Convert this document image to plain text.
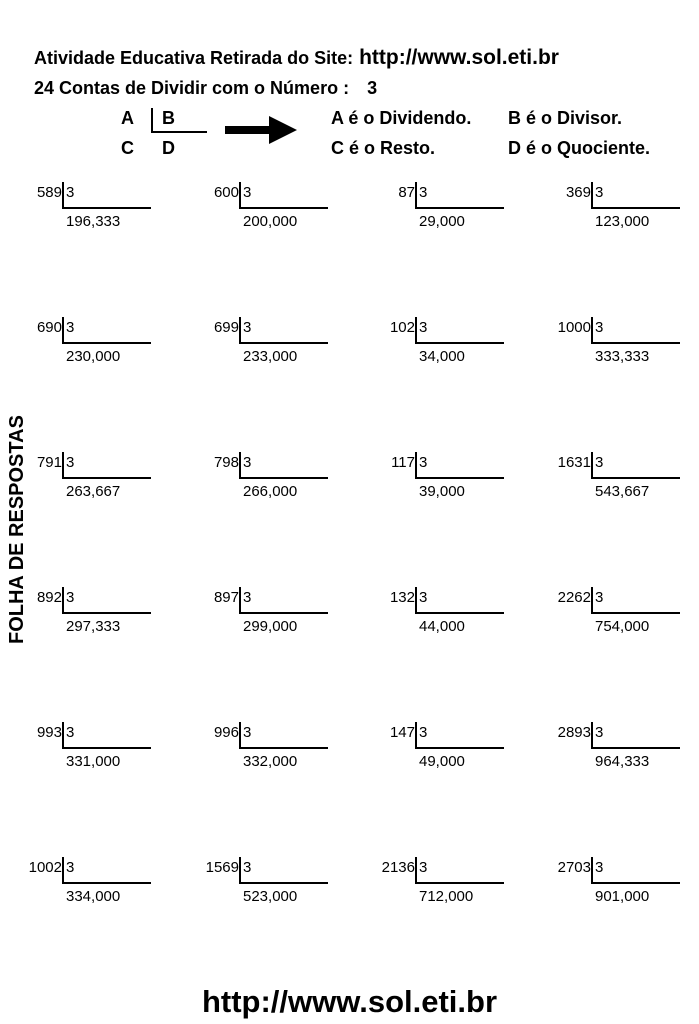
Atividade Educativa Retirada do Site: http://www.sol.eti.br
24 Contas de Dividir com o Número : 3
A B
C D
A é o Dividendo. B é o Divisor.
C é o Resto.	D é o Quociente.
FOLHA DE RESPOSTAS
589 3
196,333
600 3
200,000
87 3
29,000
369 3
123,000
690 3
230,000
699 3
233,000
102 3
34,000
1000 3
333,333
791 3
263,667
798 3
266,000
117 3
39,000
1631 3
543,667
892 3
297,333
897 3
299,000
132 3
44,000
2262 3
754,000
993 3
331,000
996 3
332,000
147 3
49,000
2893 3
964,333
1002 3
334,000
1569 3
523,000
2136 3
712,000
2703 3
901,000
http://www.sol.eti.br
